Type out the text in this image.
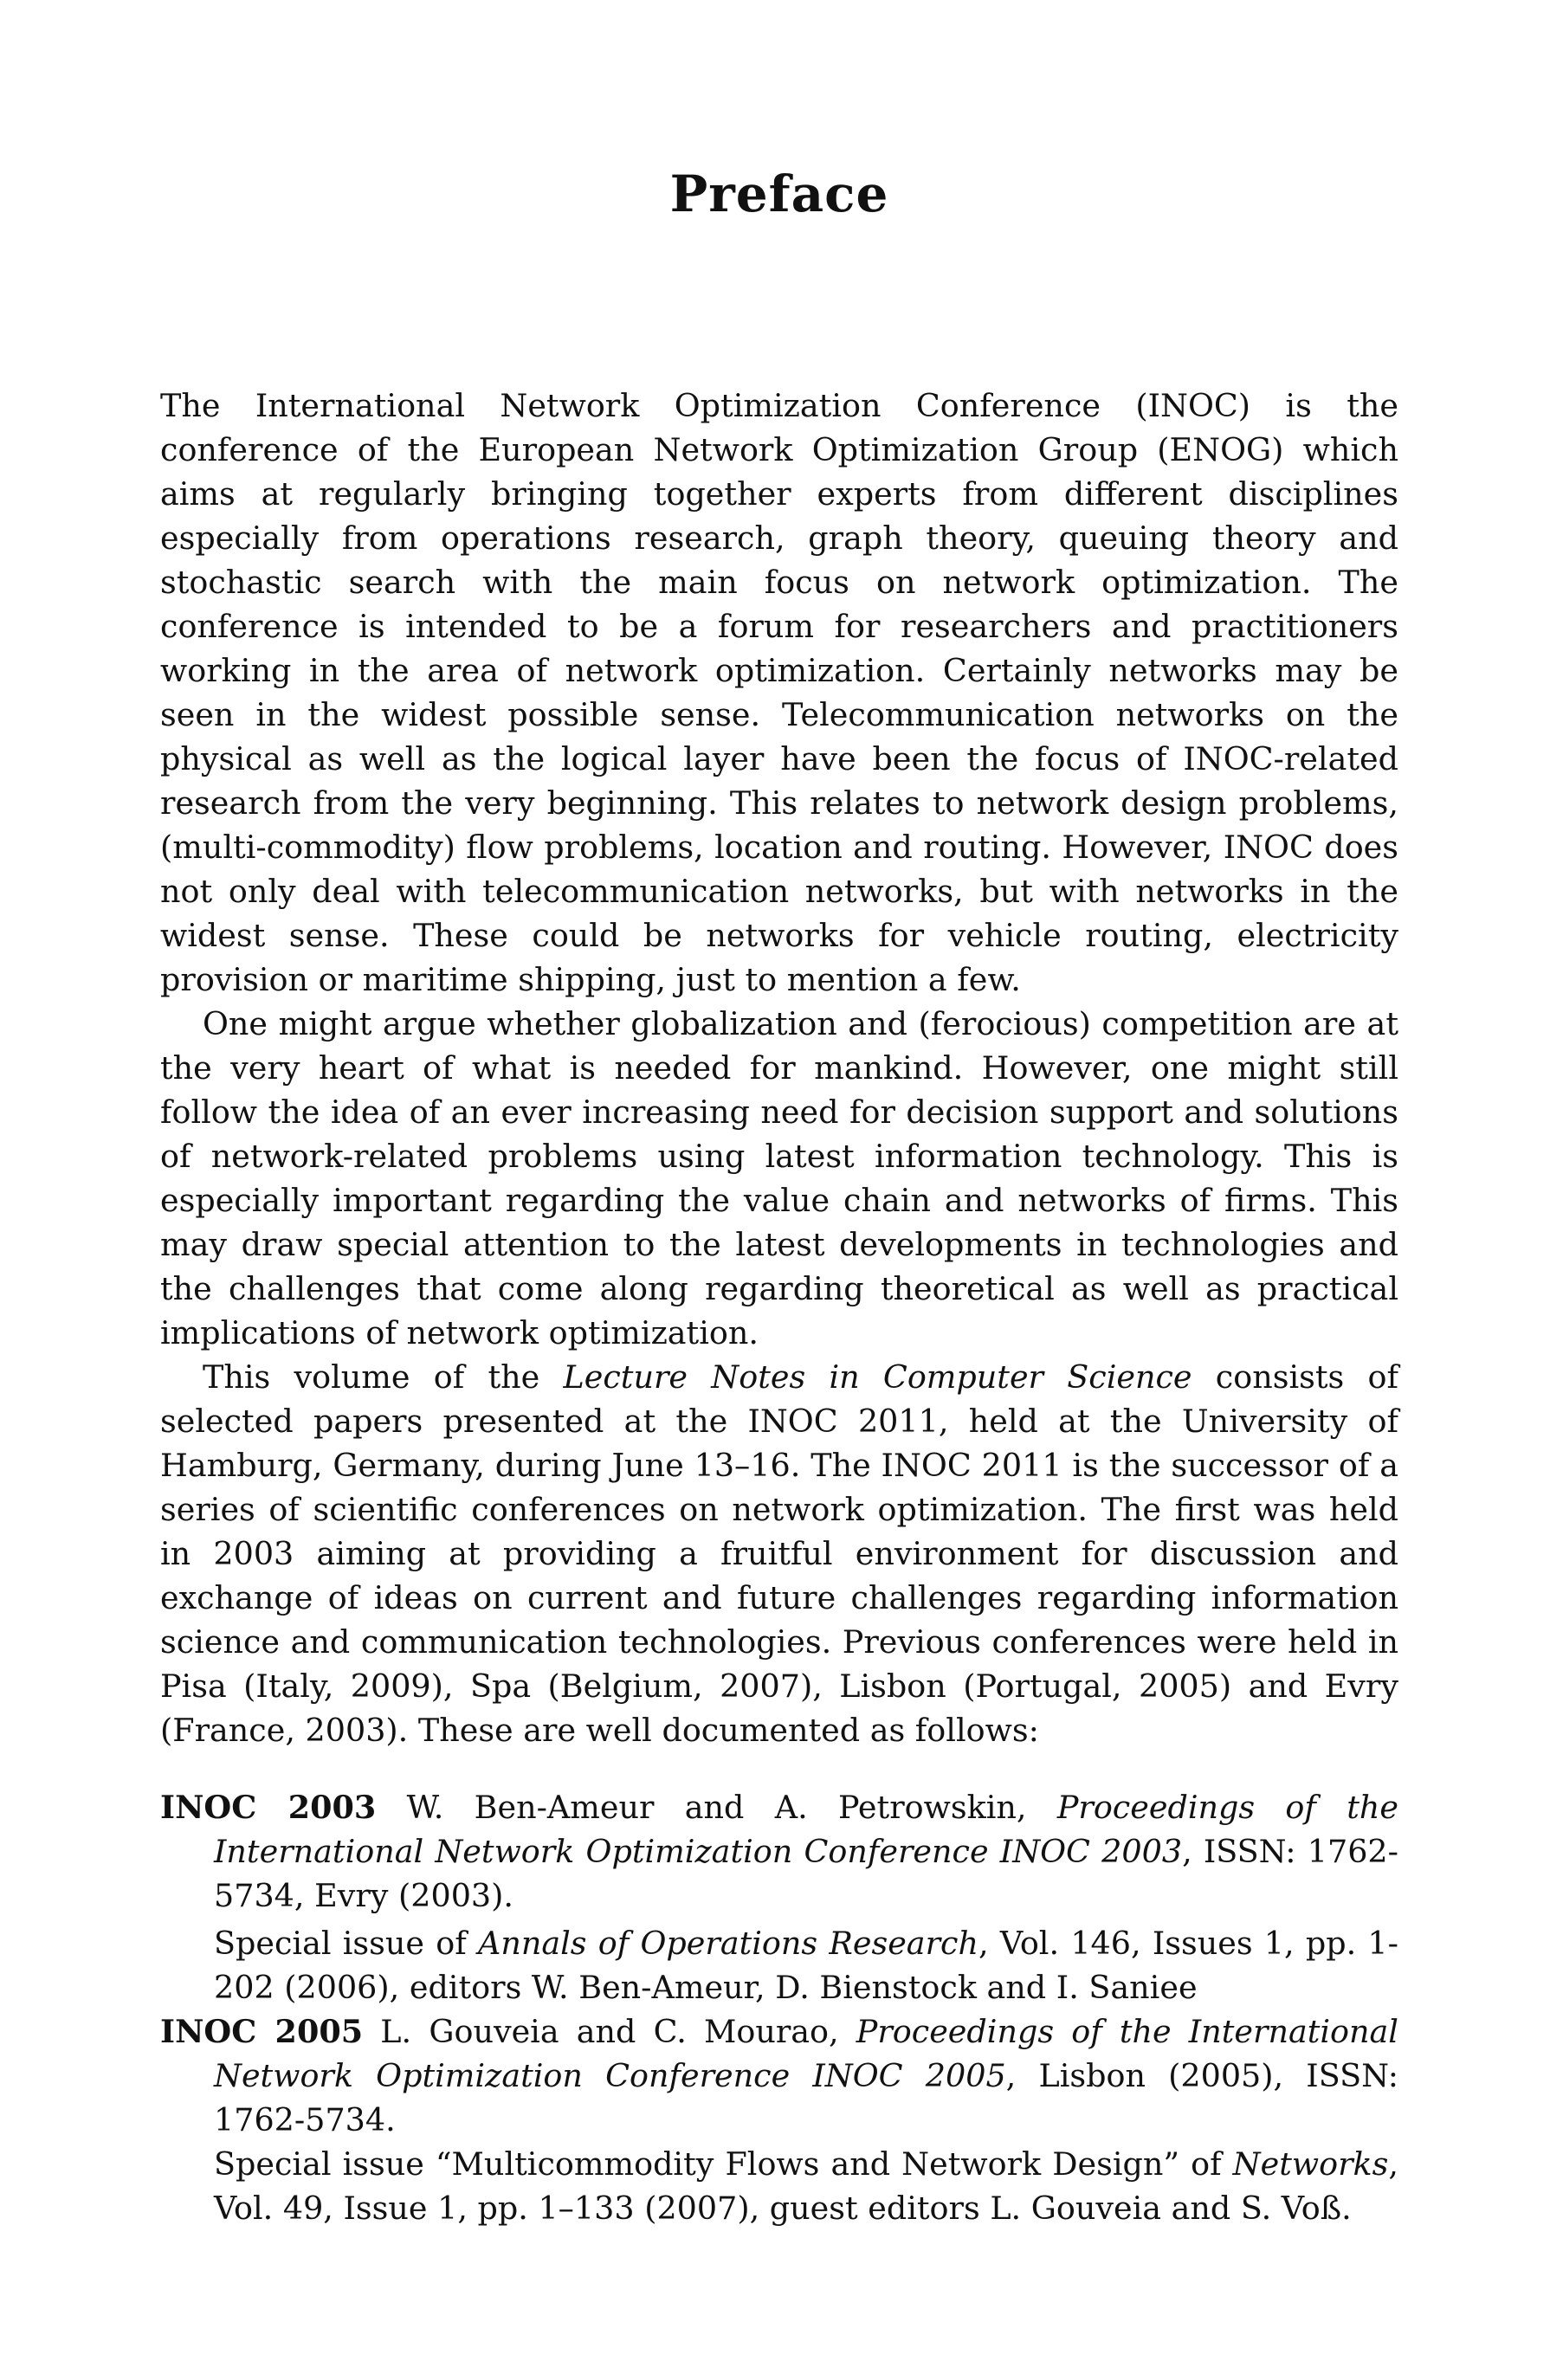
Preface

The International Network Optimization Conference (INOC) is the conference of the European Network Optimization Group (ENOG) which aims at regularly bringing together experts from different disciplines especially from operations research, graph theory, queuing theory and stochastic search with the main focus on network optimization. The conference is intended to be a forum for researchers and practitioners working in the area of network optimization. Certainly networks may be seen in the widest possible sense. Telecommunication networks on the physical as well as the logical layer have been the focus of INOC-related research from the very beginning. This relates to network design problems, (multi-commodity) flow problems, location and routing. However, INOC does not only deal with telecommunication networks, but with networks in the widest sense. These could be networks for vehicle routing, electricity provision or maritime shipping, just to mention a few.

One might argue whether globalization and (ferocious) competition are at the very heart of what is needed for mankind. However, one might still follow the idea of an ever increasing need for decision support and solutions of network-related problems using latest information technology. This is especially important regarding the value chain and networks of firms. This may draw special attention to the latest developments in technologies and the challenges that come along regarding theoretical as well as practical implications of network optimization.

This volume of the Lecture Notes in Computer Science consists of selected papers presented at the INOC 2011, held at the University of Hamburg, Germany, during June 13–16. The INOC 2011 is the successor of a series of scientific conferences on network optimization. The first was held in 2003 aiming at providing a fruitful environment for discussion and exchange of ideas on current and future challenges regarding information science and communication technologies. Previous conferences were held in Pisa (Italy, 2009), Spa (Belgium, 2007), Lisbon (Portugal, 2005) and Evry (France, 2003). These are well documented as follows:

INOC 2003 W. Ben-Ameur and A. Petrowskin, Proceedings of the International Network Optimization Conference INOC 2003, ISSN: 1762-5734, Evry (2003).

Special issue of Annals of Operations Research, Vol. 146, Issues 1, pp. 1-202 (2006), editors W. Ben-Ameur, D. Bienstock and I. Saniee

INOC 2005 L. Gouveia and C. Mourao, Proceedings of the International Network Optimization Conference INOC 2005, Lisbon (2005), ISSN: 1762-5734.

Special issue “Multicommodity Flows and Network Design” of Networks, Vol. 49, Issue 1, pp. 1–133 (2007), guest editors L. Gouveia and S. Voß.
